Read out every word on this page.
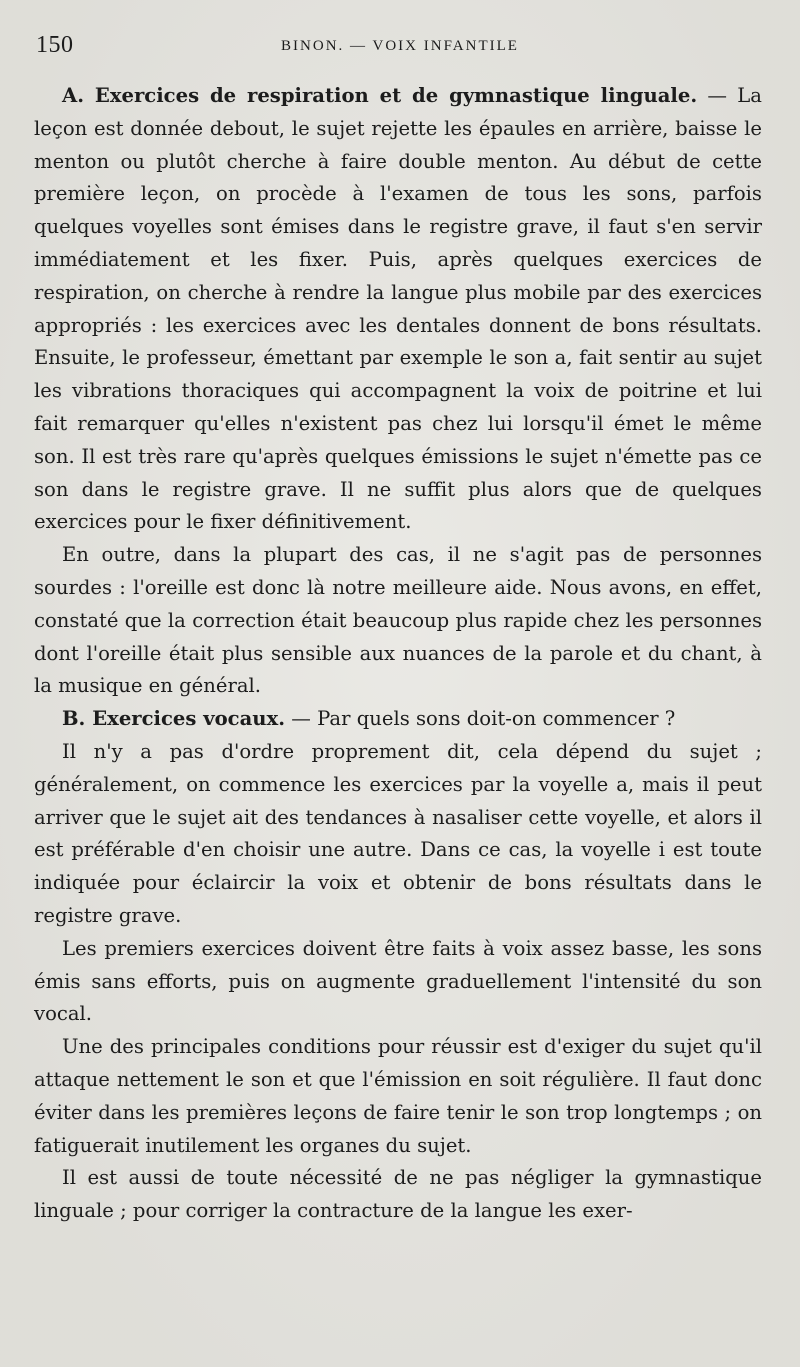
150	BINON. — VOIX INFANTILE

A. Exercices de respiration et de gymnastique linguale. — La leçon est donnée debout, le sujet rejette les épaules en arrière, baisse le menton ou plutôt cherche à faire double menton. Au début de cette première leçon, on procède à l'examen de tous les sons, parfois quelques voyelles sont émises dans le registre grave, il faut s'en servir immédiatement et les fixer. Puis, après quelques exercices de respiration, on cherche à rendre la langue plus mobile par des exercices appropriés : les exercices avec les dentales donnent de bons résultats. Ensuite, le professeur, émettant par exemple le son a, fait sentir au sujet les vibrations thoraciques qui accompagnent la voix de poitrine et lui fait remarquer qu'elles n'existent pas chez lui lorsqu'il émet le même son. Il est très rare qu'après quelques émissions le sujet n'émette pas ce son dans le registre grave. Il ne suffit plus alors que de quelques exercices pour le fixer définitivement.

En outre, dans la plupart des cas, il ne s'agit pas de personnes sourdes : l'oreille est donc là notre meilleure aide. Nous avons, en effet, constaté que la correction était beaucoup plus rapide chez les personnes dont l'oreille était plus sensible aux nuances de la parole et du chant, à la musique en général.

B. Exercices vocaux. — Par quels sons doit-on commencer ?

Il n'y a pas d'ordre proprement dit, cela dépend du sujet ; généralement, on commence les exercices par la voyelle a, mais il peut arriver que le sujet ait des tendances à nasaliser cette voyelle, et alors il est préférable d'en choisir une autre. Dans ce cas, la voyelle i est toute indiquée pour éclaircir la voix et obtenir de bons résultats dans le registre grave.

Les premiers exercices doivent être faits à voix assez basse, les sons émis sans efforts, puis on augmente graduellement l'intensité du son vocal.

Une des principales conditions pour réussir est d'exiger du sujet qu'il attaque nettement le son et que l'émission en soit régulière. Il faut donc éviter dans les premières leçons de faire tenir le son trop longtemps ; on fatiguerait inutilement les organes du sujet.

Il est aussi de toute nécessité de ne pas négliger la gymnastique linguale ; pour corriger la contracture de la langue les exer-
